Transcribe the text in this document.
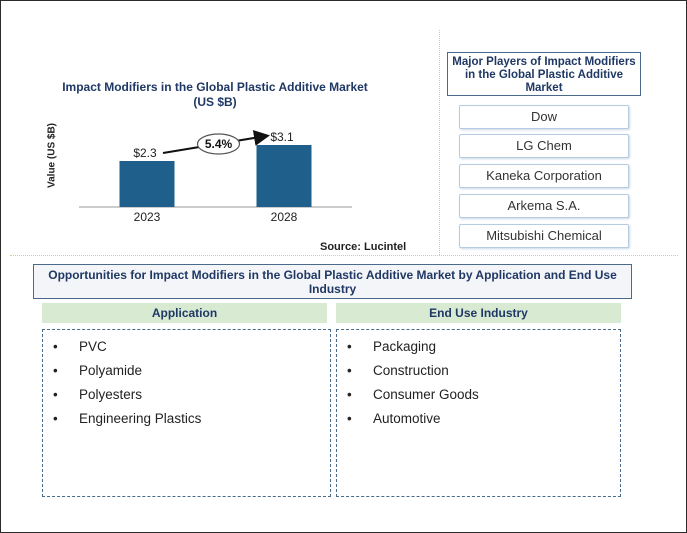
Impact Modifiers in the Global Plastic Additive Market (US $B)
Value (US $B)	$2.3
$3.1
2023	2028
5.4%
Source: Lucintel
Major Players of Impact Modifiers in the Global Plastic Additive Market
Dow
LG Chem
Kaneka Corporation
Arkema S.A.
Mitsubishi Chemical
Opportunities for Impact Modifiers in the Global Plastic Additive Market by Application and End Use Industry
Application	End Use Industry
• PVC
• Polyamide
• Polyesters
• Engineering Plastics
• Packaging
• Construction
• Consumer Goods
• Automotive
